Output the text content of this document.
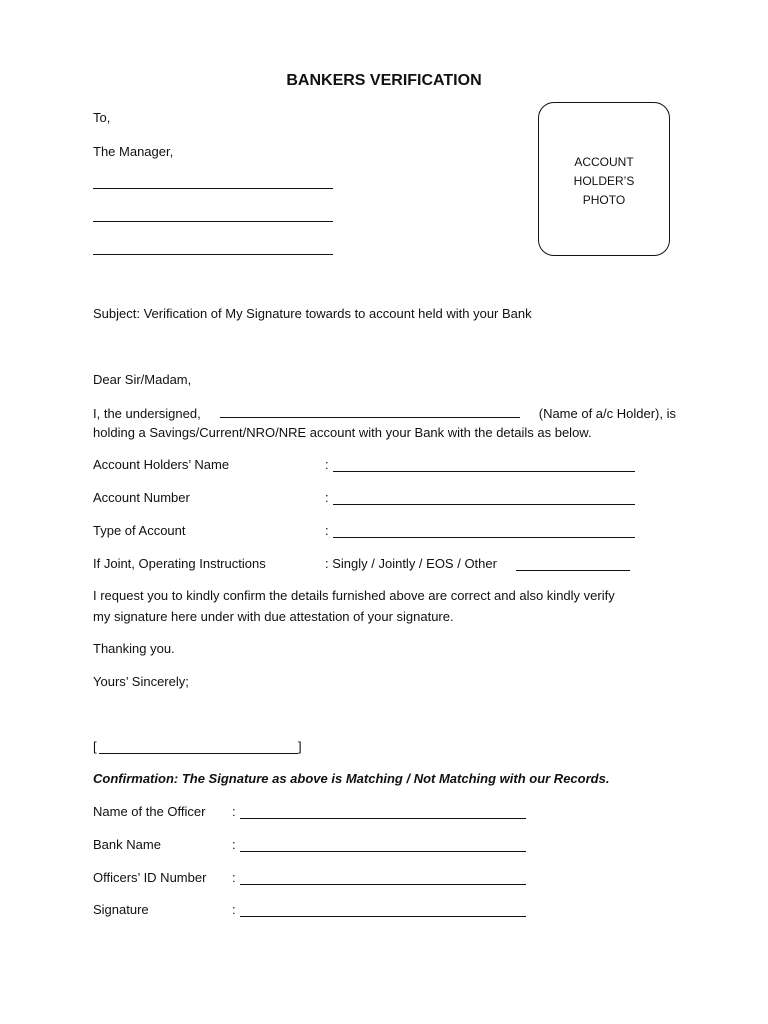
BANKERS VERIFICATION
To,
The Manager,
ACCOUNT
HOLDER’S
PHOTO
Subject: Verification of My Signature towards to account held with your Bank
Dear Sir/Madam,
I, the undersigned,	(Name of a/c Holder), is
holding a Savings/Current/NRO/NRE account with your Bank with the details as below.
Account Holders’ Name	:
Account Number	:
Type of Account	:
If Joint, Operating Instructions	: Singly / Jointly / EOS / Other
I request you to kindly confirm the details furnished above are correct and also kindly verify
my signature here under with due attestation of your signature.
Thanking you.
Yours’ Sincerely;
[	]
Confirmation: The Signature as above is Matching / Not Matching with our Records.
Name of the Officer :
Bank Name	:
Officers’ ID Number :
Signature	:
